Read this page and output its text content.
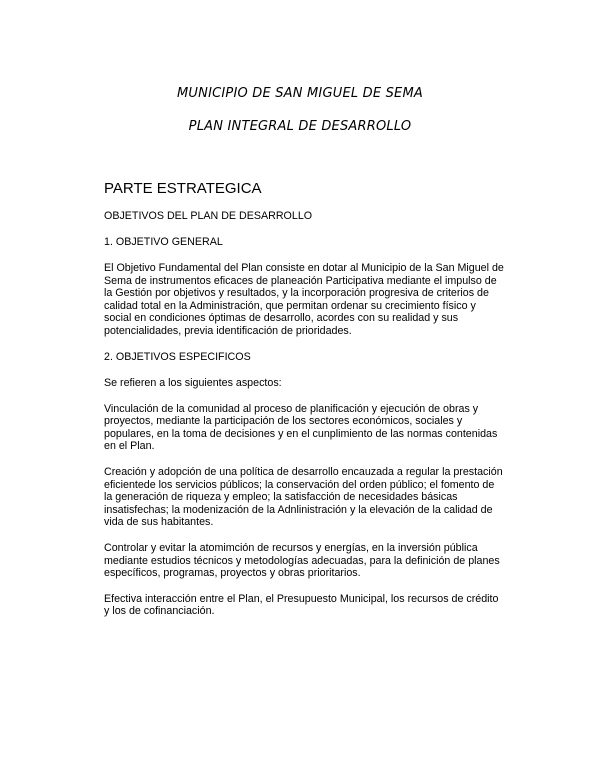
MUNICIPIO DE SAN MIGUEL DE SEMA
PLAN INTEGRAL DE DESARROLLO
PARTE ESTRATEGICA
OBJETIVOS DEL PLAN DE DESARROLLO
1. OBJETIVO GENERAL
El Objetivo Fundamental del Plan consiste en dotar al Municipio de la San Miguel de Sema de instrumentos eficaces de planeación Participativa mediante el impulso de la Gestión por objetivos y resultados, y la incorporación progresiva de criterios de calidad total en la Administración, que permitan ordenar su crecimiento físico y social en condiciones óptimas de desarrollo, acordes con su realidad y sus potencialidades, previa identificación de prioridades.
2. OBJETIVOS ESPECIFICOS
Se refieren a los siguientes aspectos:
Vinculación de la comunidad al proceso de planificación y ejecución de obras y proyectos, mediante la participación de los sectores económicos, sociales y populares, en la toma de decisiones y en el cunplimiento de las normas contenidas en el Plan.
Creación y adopción de una política de desarrollo encauzada a regular la prestación eficientede los servicios públicos; la conservación del orden público; el fomento de la generación de riqueza y empleo; la satisfacción de necesidades básicas insatisfechas; la modenización de la Adnlinistración y la elevación de la calidad de vida de sus habitantes.
Controlar y evitar la atomimción de recursos y energías, en la inversión pública mediante estudios técnicos y metodologías adecuadas, para la definición de planes específicos, programas, proyectos y obras prioritarios.
Efectiva interacción entre el Plan, el Presupuesto Municipal, los recursos de crédito y los de cofinanciación.
